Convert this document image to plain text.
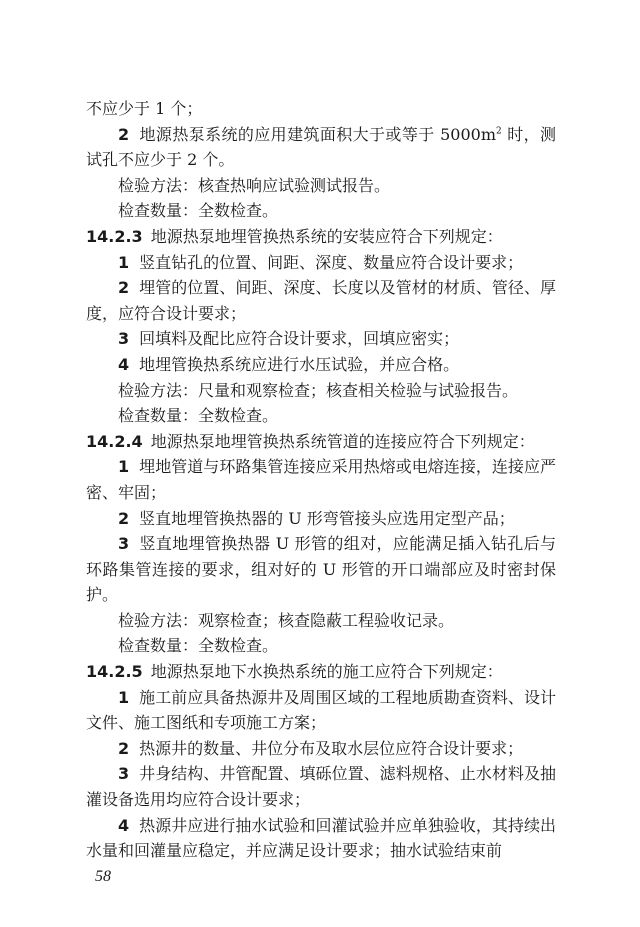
不应少于 1 个；

2 地源热泵系统的应用建筑面积大于或等于 $5000m^2$ 时，测试孔不应少于 2 个。

检验方法：核查热响应试验测试报告。

检查数量：全数检查。

14.2.3 地源热泵地埋管换热系统的安装应符合下列规定：

1 竖直钻孔的位置、间距、深度、数量应符合设计要求；

2 埋管的位置、间距、深度、长度以及管材的材质、管径、厚度，应符合设计要求；

3 回填料及配比应符合设计要求，回填应密实；

4 地埋管换热系统应进行水压试验，并应合格。

检验方法：尺量和观察检查；核查相关检验与试验报告。

检查数量：全数检查。

14.2.4 地源热泵地埋管换热系统管道的连接应符合下列规定：

1 埋地管道与环路集管连接应采用热熔或电熔连接，连接应严密、牢固；

2 竖直地埋管换热器的 U 形弯管接头应选用定型产品；

3 竖直地埋管换热器 U 形管的组对，应能满足插入钻孔后与环路集管连接的要求，组对好的 U 形管的开口端部应及时密封保护。

检验方法：观察检查；核查隐蔽工程验收记录。

检查数量：全数检查。

14.2.5 地源热泵地下水换热系统的施工应符合下列规定：

1 施工前应具备热源井及周围区域的工程地质勘查资料、设计文件、施工图纸和专项施工方案；

2 热源井的数量、井位分布及取水层位应符合设计要求；

3 井身结构、井管配置、填砾位置、滤料规格、止水材料及抽灌设备选用均应符合设计要求；

4 热源井应进行抽水试验和回灌试验并应单独验收，其持续出水量和回灌量应稳定，并应满足设计要求；抽水试验结束前

58
